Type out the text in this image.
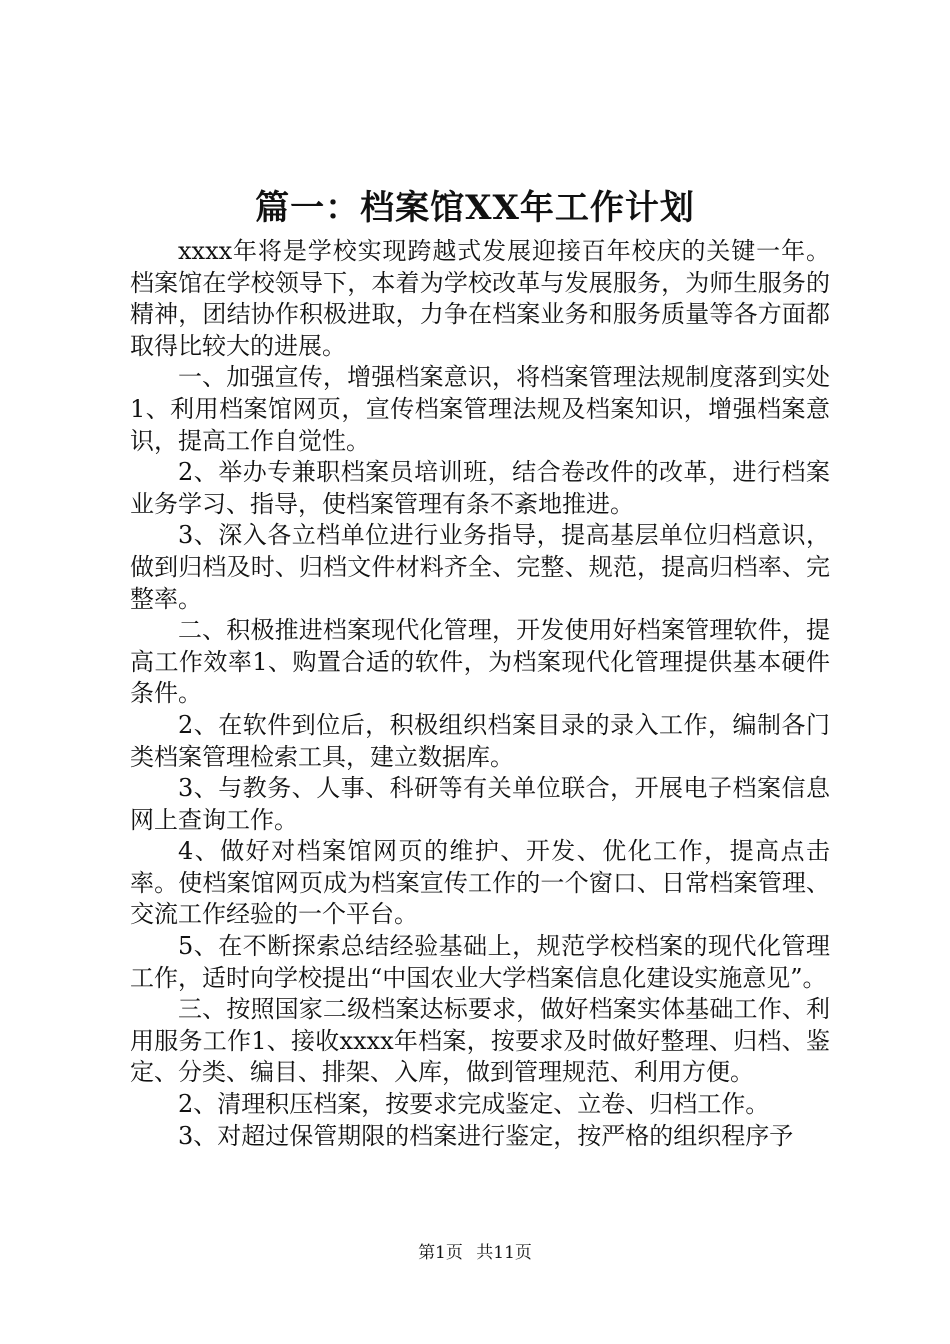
篇一：档案馆XX年工作计划

xxxx年将是学校实现跨越式发展迎接百年校庆的关键一年。档案馆在学校领导下，本着为学校改革与发展服务，为师生服务的精神，团结协作积极进取，力争在档案业务和服务质量等各方面都取得比较大的进展。

一、加强宣传，增强档案意识，将档案管理法规制度落到实处1、利用档案馆网页，宣传档案管理法规及档案知识，增强档案意识，提高工作自觉性。

2、举办专兼职档案员培训班，结合卷改件的改革，进行档案业务学习、指导，使档案管理有条不紊地推进。

3、深入各立档单位进行业务指导，提高基层单位归档意识，做到归档及时、归档文件材料齐全、完整、规范，提高归档率、完整率。

二、积极推进档案现代化管理，开发使用好档案管理软件，提高工作效率1、购置合适的软件，为档案现代化管理提供基本硬件条件。

2、在软件到位后，积极组织档案目录的录入工作，编制各门类档案管理检索工具，建立数据库。

3、与教务、人事、科研等有关单位联合，开展电子档案信息网上查询工作。

4、做好对档案馆网页的维护、开发、优化工作，提高点击率。使档案馆网页成为档案宣传工作的一个窗口、日常档案管理、交流工作经验的一个平台。

5、在不断探索总结经验基础上，规范学校档案的现代化管理工作，适时向学校提出“中国农业大学档案信息化建设实施意见”。

三、按照国家二级档案达标要求，做好档案实体基础工作、利用服务工作1、接收xxxx年档案，按要求及时做好整理、归档、鉴定、分类、编目、排架、入库，做到管理规范、利用方便。

2、清理积压档案，按要求完成鉴定、立卷、归档工作。

3、对超过保管期限的档案进行鉴定，按严格的组织程序予

第1页 共11页
